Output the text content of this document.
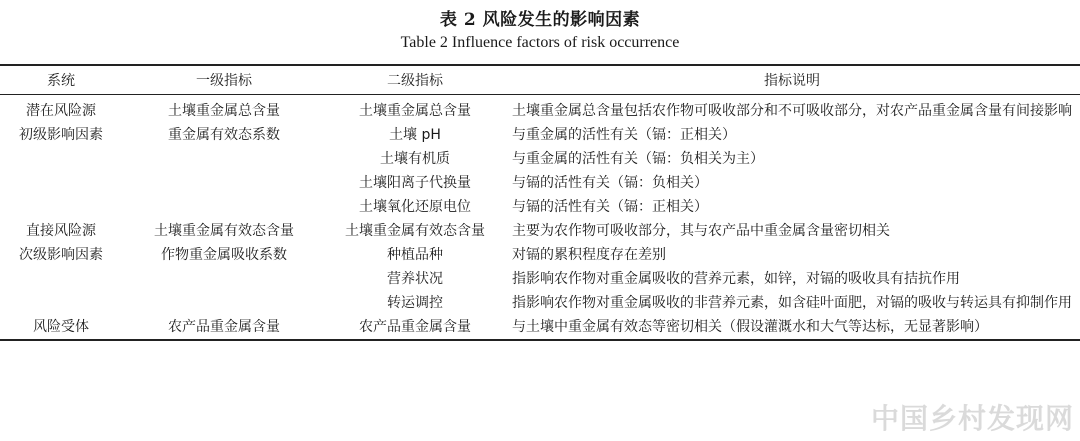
表 2 风险发生的影响因素
Table 2 Influence factors of risk occurrence
系统	一级指标	二级指标	指标说明
潜在风险源	土壤重金属总含量	土壤重金属总含量	土壤重金属总含量包括农作物可吸收部分和不可吸收部分，对农产品重金属含量有间接影响
初级影响因素	重金属有效态系数	土壤 pH	与重金属的活性有关（镉：正相关）
		土壤有机质	与重金属的活性有关（镉：负相关为主）
		土壤阳离子代换量	与镉的活性有关（镉：负相关）
		土壤氧化还原电位	与镉的活性有关（镉：正相关）
直接风险源	土壤重金属有效态含量	土壤重金属有效态含量	主要为农作物可吸收部分，其与农产品中重金属含量密切相关
次级影响因素	作物重金属吸收系数	种植品种	对镉的累积程度存在差别
		营养状况	指影响农作物对重金属吸收的营养元素，如锌，对镉的吸收具有拮抗作用
		转运调控	指影响农作物对重金属吸收的非营养元素，如含硅叶面肥，对镉的吸收与转运具有抑制作用
风险受体	农产品重金属含量	农产品重金属含量	与土壤中重金属有效态等密切相关（假设灌溉水和大气等达标，无显著影响）
中国乡村发现网
